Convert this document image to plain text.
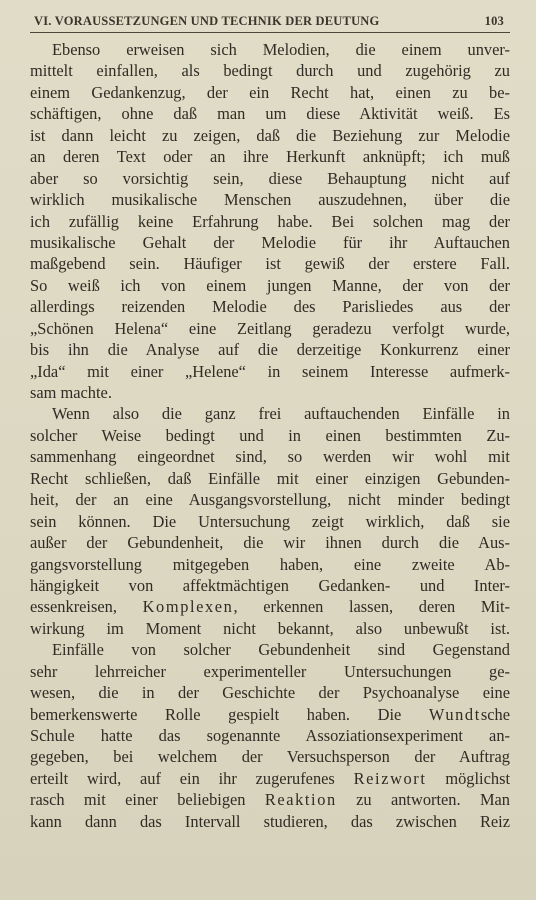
VI. VORAUSSETZUNGEN UND TECHNIK DER DEUTUNG	103
Ebenso erweisen sich Melodien, die einem unver-
mittelt einfallen, als bedingt durch und zugehörig zu
einem Gedankenzug, der ein Recht hat, einen zu be-
schäftigen, ohne daß man um diese Aktivität weiß. Es
ist dann leicht zu zeigen, daß die Beziehung zur Melodie
an deren Text oder an ihre Herkunft anknüpft; ich muß
aber so vorsichtig sein, diese Behauptung nicht auf
wirklich musikalische Menschen auszudehnen, über die
ich zufällig keine Erfahrung habe. Bei solchen mag der
musikalische Gehalt der Melodie für ihr Auftauchen
maßgebend sein. Häufiger ist gewiß der erstere Fall.
So weiß ich von einem jungen Manne, der von der
allerdings reizenden Melodie des Parisliedes aus der
„Schönen Helena“ eine Zeitlang geradezu verfolgt wurde,
bis ihn die Analyse auf die derzeitige Konkurrenz einer
„Ida“ mit einer „Helene“ in seinem Interesse aufmerk-
sam machte.
Wenn also die ganz frei auftauchenden Einfälle in
solcher Weise bedingt und in einen bestimmten Zu-
sammenhang eingeordnet sind, so werden wir wohl mit
Recht schließen, daß Einfälle mit einer einzigen Gebunden-
heit, der an eine Ausgangsvorstellung, nicht minder bedingt
sein können. Die Untersuchung zeigt wirklich, daß sie
außer der Gebundenheit, die wir ihnen durch die Aus-
gangsvorstellung mitgegeben haben, eine zweite Ab-
hängigkeit von affektmächtigen Gedanken- und Inter-
essenkreisen, Komplexen, erkennen lassen, deren Mit-
wirkung im Moment nicht bekannt, also unbewußt ist.
Einfälle von solcher Gebundenheit sind Gegenstand
sehr lehrreicher experimenteller Untersuchungen ge-
wesen, die in der Geschichte der Psychoanalyse eine
bemerkenswerte Rolle gespielt haben. Die Wundtsche
Schule hatte das sogenannte Assoziationsexperiment an-
gegeben, bei welchem der Versuchsperson der Auftrag
erteilt wird, auf ein ihr zugerufenes Reizwort möglichst
rasch mit einer beliebigen Reaktion zu antworten. Man
kann dann das Intervall studieren, das zwischen Reiz
